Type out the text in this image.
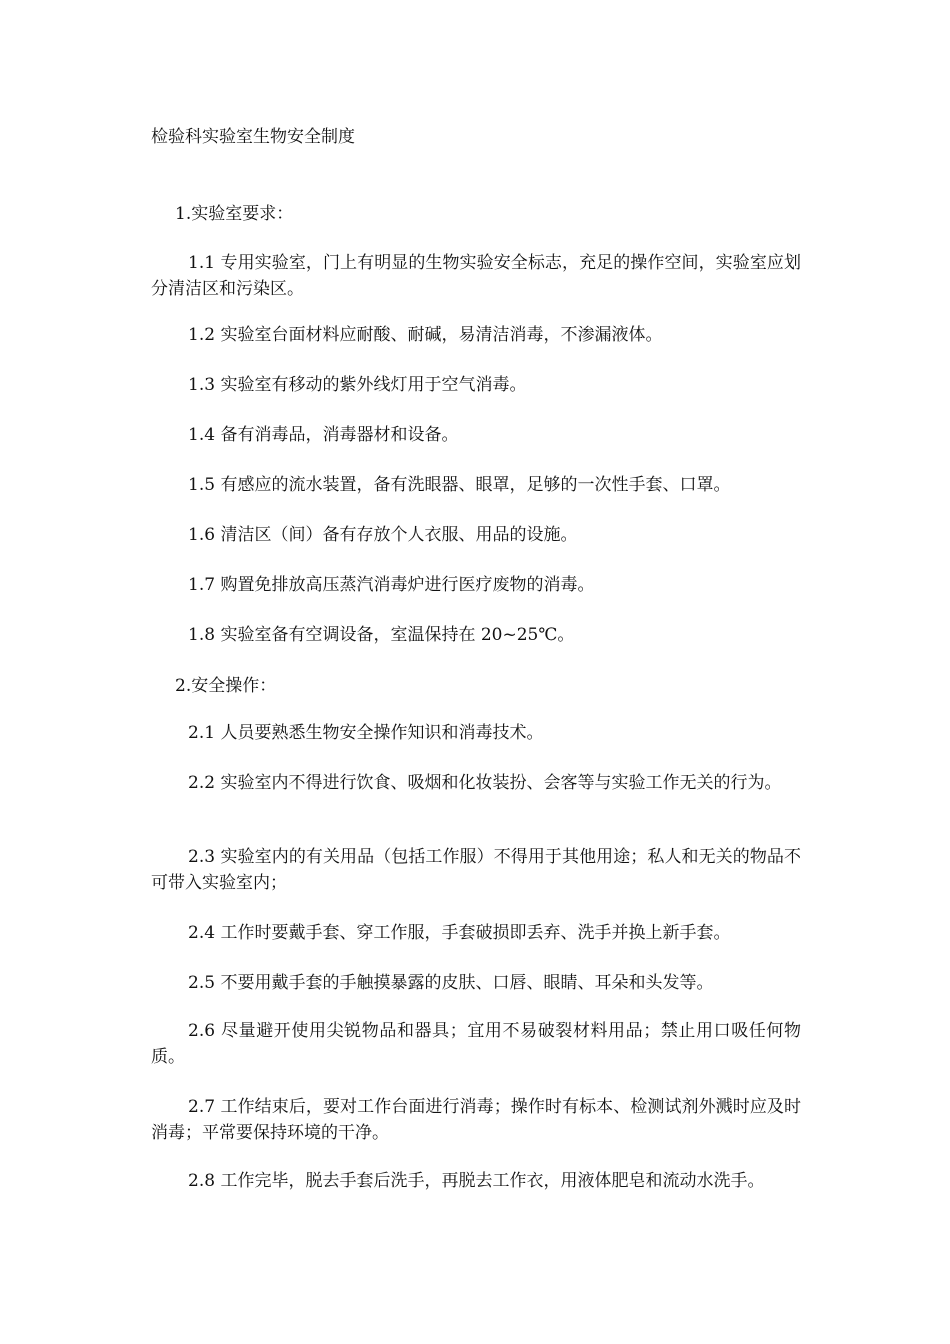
检验科实验室生物安全制度

1.实验室要求：

1.1 专用实验室，门上有明显的生物实验安全标志，充足的操作空间，实验室应划分清洁区和污染区。

1.2 实验室台面材料应耐酸、耐碱，易清洁消毒，不渗漏液体。

1.3 实验室有移动的紫外线灯用于空气消毒。

1.4 备有消毒品，消毒器材和设备。

1.5 有感应的流水装置，备有洗眼器、眼罩，足够的一次性手套、口罩。

1.6 清洁区（间）备有存放个人衣服、用品的设施。

1.7 购置免排放高压蒸汽消毒炉进行医疗废物的消毒。

1.8 实验室备有空调设备，室温保持在 20~25℃。

2.安全操作：

2.1 人员要熟悉生物安全操作知识和消毒技术。

2.2 实验室内不得进行饮食、吸烟和化妆装扮、会客等与实验工作无关的行为。

2.3 实验室内的有关用品（包括工作服）不得用于其他用途；私人和无关的物品不可带入实验室内；

2.4 工作时要戴手套、穿工作服，手套破损即丢弃、洗手并换上新手套。

2.5 不要用戴手套的手触摸暴露的皮肤、口唇、眼睛、耳朵和头发等。

2.6 尽量避开使用尖锐物品和器具；宜用不易破裂材料用品；禁止用口吸任何物质。

2.7 工作结束后，要对工作台面进行消毒；操作时有标本、检测试剂外溅时应及时消毒；平常要保持环境的干净。

2.8 工作完毕，脱去手套后洗手，再脱去工作衣，用液体肥皂和流动水洗手。
